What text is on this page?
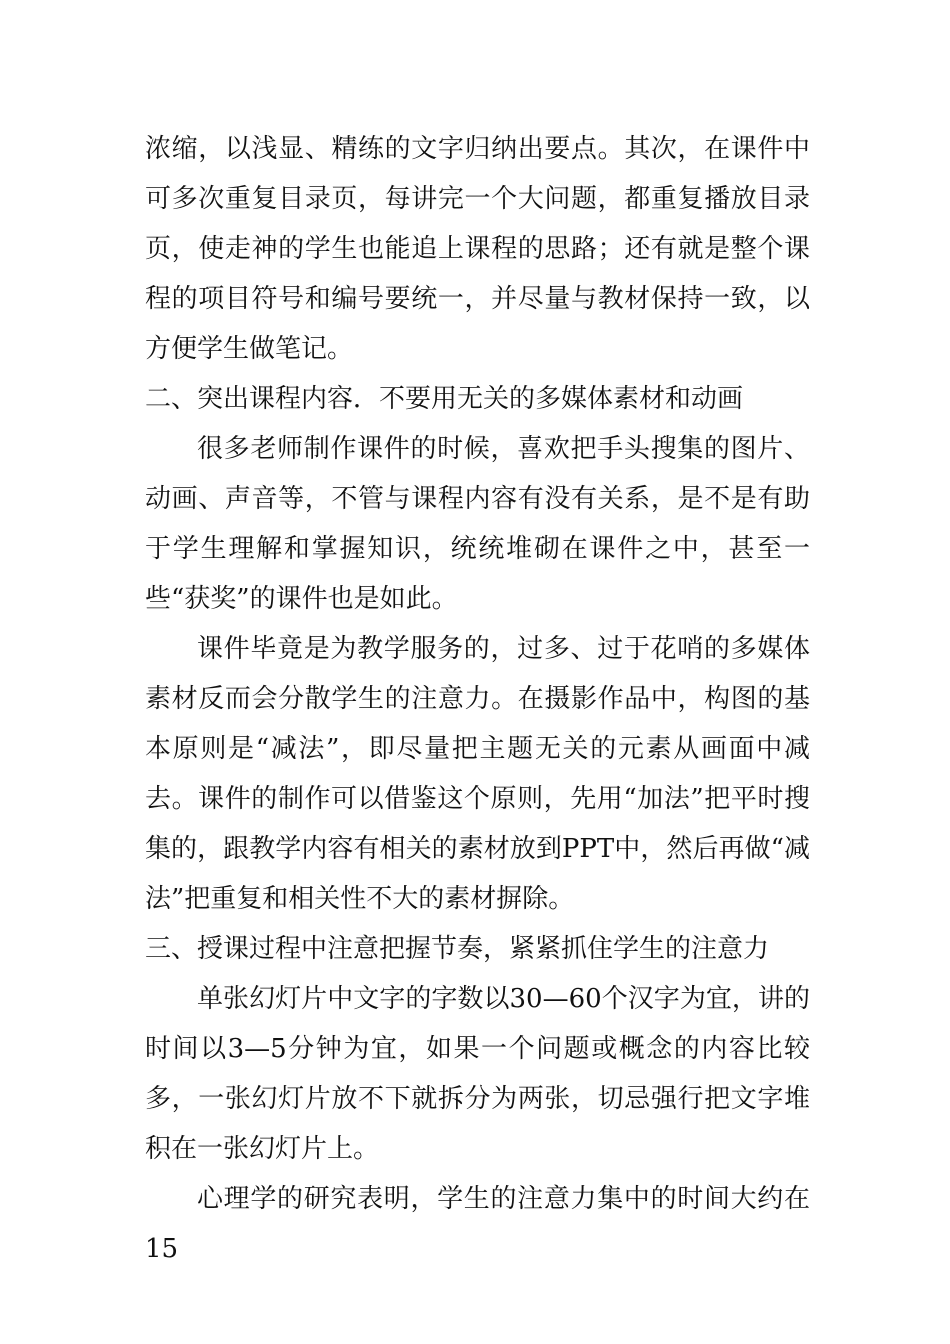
浓缩，以浅显、精练的文字归纳出要点。其次，在课件中可多次重复目录页，每讲完一个大问题，都重复播放目录页，使走神的学生也能追上课程的思路；还有就是整个课程的项目符号和编号要统一，并尽量与教材保持一致，以方便学生做笔记。

二、突出课程内容．不要用无关的多媒体素材和动画

很多老师制作课件的时候，喜欢把手头搜集的图片、动画、声音等，不管与课程内容有没有关系，是不是有助于学生理解和掌握知识，统统堆砌在课件之中，甚至一些“获奖”的课件也是如此。

课件毕竟是为教学服务的，过多、过于花哨的多媒体素材反而会分散学生的注意力。在摄影作品中，构图的基本原则是“减法”，即尽量把主题无关的元素从画面中减去。课件的制作可以借鉴这个原则，先用“加法”把平时搜集的，跟教学内容有相关的素材放到PPT中，然后再做“减法”把重复和相关性不大的素材摒除。

三、授课过程中注意把握节奏，紧紧抓住学生的注意力

单张幻灯片中文字的字数以30—60个汉字为宜，讲的时间以3—5分钟为宜，如果一个问题或概念的内容比较多，一张幻灯片放不下就拆分为两张，切忌强行把文字堆积在一张幻灯片上。

心理学的研究表明，学生的注意力集中的时间大约在15
